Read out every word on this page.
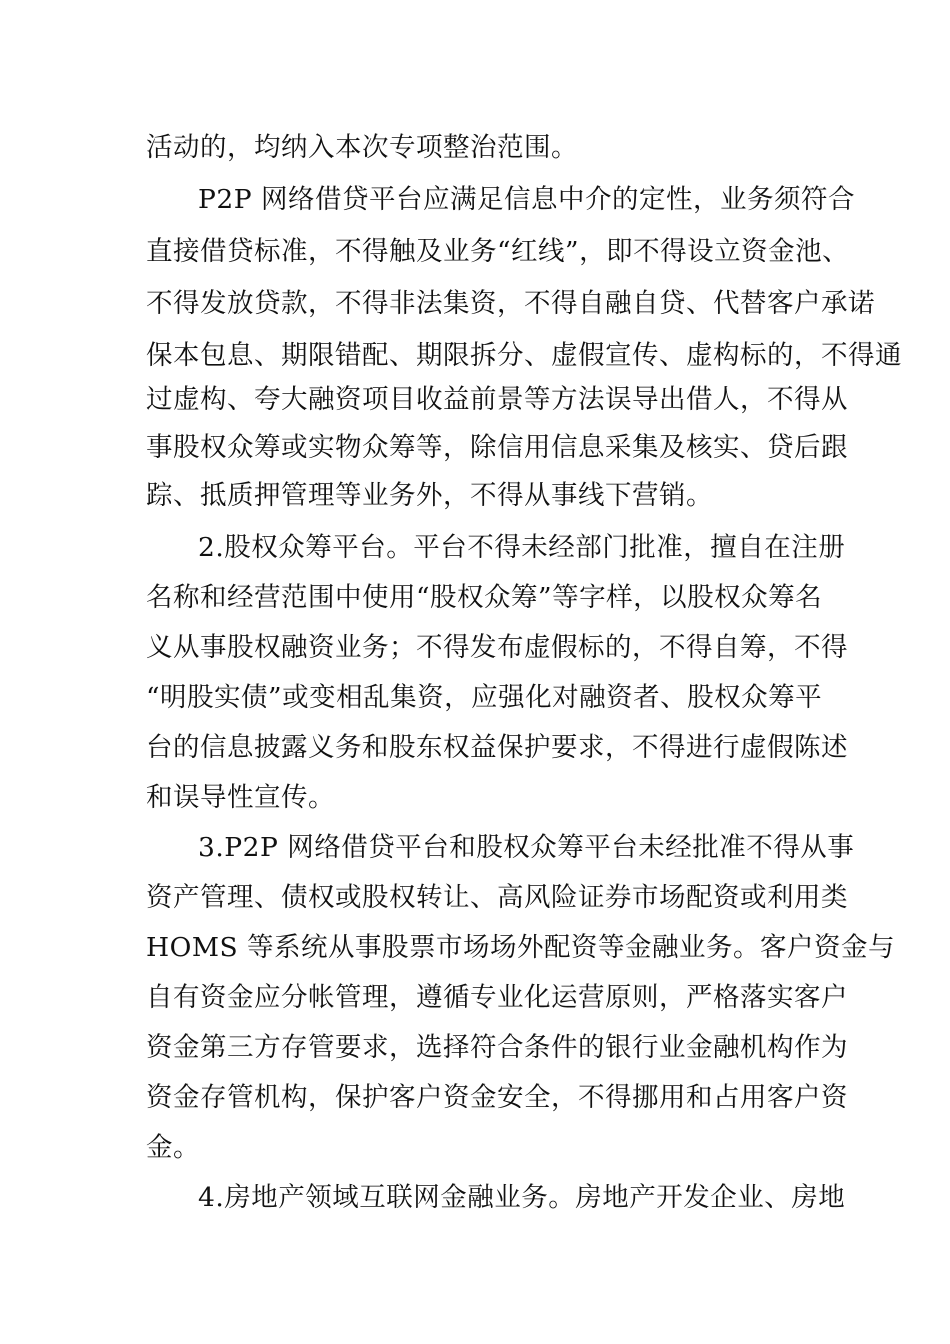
活动的，均纳入本次专项整治范围。
P2P 网络借贷平台应满足信息中介的定性，业务须符合
直接借贷标准，不得触及业务“红线”，即不得设立资金池、
不得发放贷款，不得非法集资，不得自融自贷、代替客户承诺
保本包息、期限错配、期限拆分、虚假宣传、虚构标的，不得通
过虚构、夸大融资项目收益前景等方法误导出借人，不得从
事股权众筹或实物众筹等，除信用信息采集及核实、贷后跟
踪、抵质押管理等业务外，不得从事线下营销。
2.股权众筹平台。平台不得未经部门批准，擅自在注册
名称和经营范围中使用“股权众筹”等字样，以股权众筹名
义从事股权融资业务；不得发布虚假标的，不得自筹，不得
“明股实债”或变相乱集资，应强化对融资者、股权众筹平
台的信息披露义务和股东权益保护要求，不得进行虚假陈述
和误导性宣传。
3.P2P 网络借贷平台和股权众筹平台未经批准不得从事
资产管理、债权或股权转让、高风险证券市场配资或利用类
HOMS 等系统从事股票市场场外配资等金融业务。客户资金与
自有资金应分帐管理，遵循专业化运营原则，严格落实客户
资金第三方存管要求，选择符合条件的银行业金融机构作为
资金存管机构，保护客户资金安全，不得挪用和占用客户资
金。
4.房地产领域互联网金融业务。房地产开发企业、房地
